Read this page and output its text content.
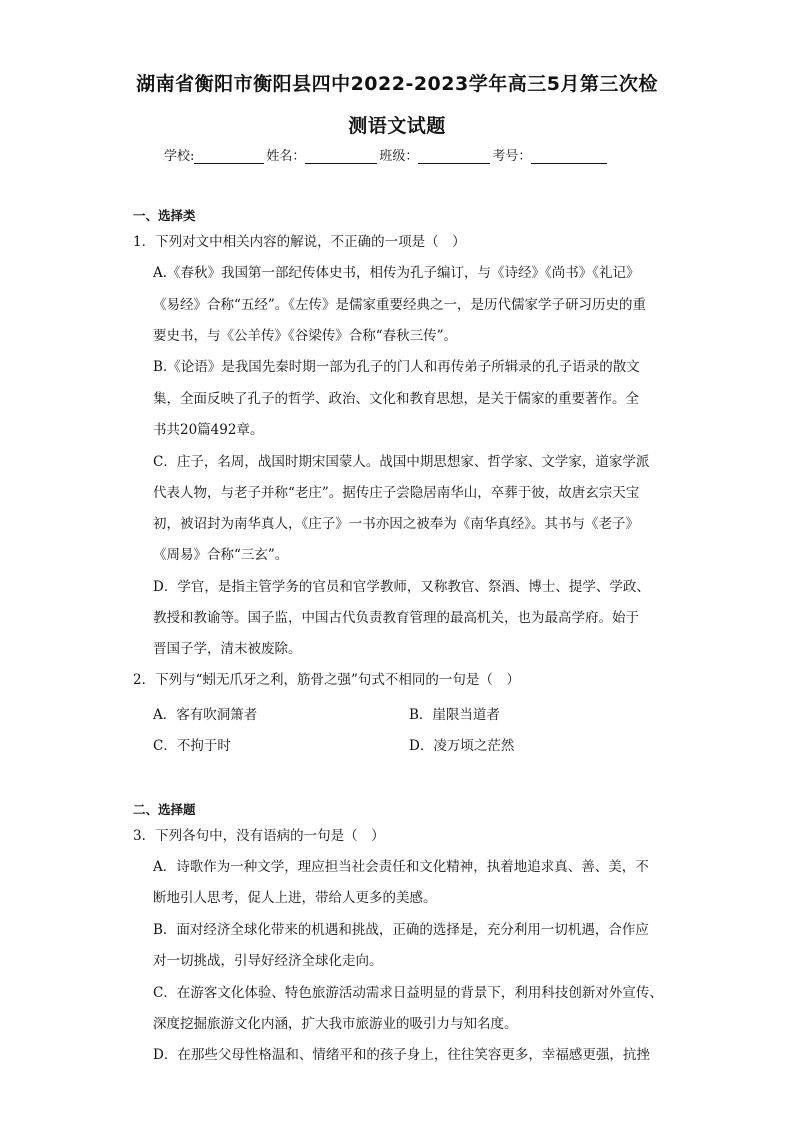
湖南省衡阳市衡阳县四中2022-2023学年高三5月第三次检
测语文试题
学校:	姓名：	班级：	考号：
一、选择类
1．下列对文中相关内容的解说，不正确的一项是（　）
A.《春秋》我国第一部纪传体史书，相传为孔子编订，与《诗经》《尚书》《礼记》
《易经》合称“五经”。《左传》是儒家重要经典之一，是历代儒家学子研习历史的重
要史书，与《公羊传》《谷梁传》合称“春秋三传”。
B.《论语》是我国先秦时期一部为孔子的门人和再传弟子所辑录的孔子语录的散文
集，全面反映了孔子的哲学、政治、文化和教育思想，是关于儒家的重要著作。全
书共20篇492章。
C．庄子，名周，战国时期宋国蒙人。战国中期思想家、哲学家、文学家，道家学派
代表人物，与老子并称“老庄”。据传庄子尝隐居南华山，卒葬于彼，故唐玄宗天宝
初，被诏封为南华真人，《庄子》一书亦因之被奉为《南华真经》。其书与《老子》
《周易》合称“三玄”。
D．学官，是指主管学务的官员和官学教师，又称教官、祭酒、博士、提学、学政、
教授和教谕等。国子监，中国古代负责教育管理的最高机关，也为最高学府。始于
晋国子学，清末被废除。
2．下列与“蚓无爪牙之利，筋骨之强”句式不相同的一句是（　）
A．客有吹洞箫者	B．崖限当道者
C．不拘于时	D．凌万顷之茫然
二、选择题
3．下列各句中，没有语病的一句是（　）
A．诗歌作为一种文学，理应担当社会责任和文化精神，执着地追求真、善、美，不
断地引人思考，促人上进，带给人更多的美感。
B．面对经济全球化带来的机遇和挑战，正确的选择是，充分利用一切机遇，合作应
对一切挑战，引导好经济全球化走向。
C．在游客文化体验、特色旅游活动需求日益明显的背景下，利用科技创新对外宣传、
深度挖掘旅游文化内涵，扩大我市旅游业的吸引力与知名度。
D．在那些父母性格温和、情绪平和的孩子身上，往往笑容更多，幸福感更强，抗挫
